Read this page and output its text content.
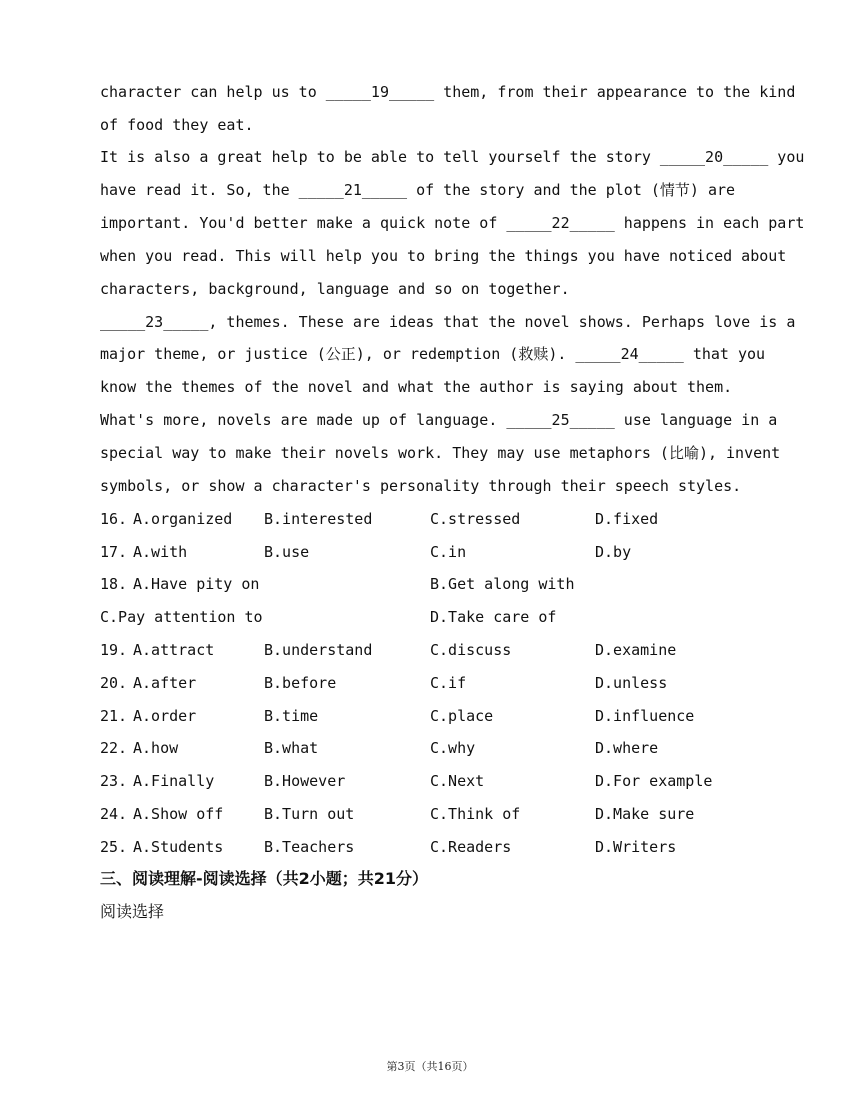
character can help us to _____19_____ them, from their appearance to the kind
of food they eat.
It is also a great help to be able to tell yourself the story _____20_____ you
have read it. So, the _____21_____ of the story and the plot (情节) are
important. You'd better make a quick note of _____22_____ happens in each part
when you read. This will help you to bring the things you have noticed about
characters, background, language and so on together.
_____23_____, themes. These are ideas that the novel shows. Perhaps love is a
major theme, or justice (公正), or redemption (救赎). _____24_____ that you
know the themes of the novel and what the author is saying about them.
What's more, novels are made up of language. _____25_____ use language in a
special way to make their novels work. They may use metaphors (比喻), invent
symbols, or show a character's personality through their speech styles.
16. A.organized B.interested	C.stressed	D.fixed
17. A.with	B.use	C.in	D.by
18. A.Have pity on	B.Get along with
C.Pay attention to	D.Take care of
19. A.attract	B.understand	C.discuss	D.examine
20. A.after	B.before	C.if	D.unless
21. A.order	B.time	C.place	D.influence
22. A.how	B.what	C.why	D.where
23. A.Finally	B.However	C.Next	D.For example
24. A.Show off	B.Turn out	C.Think of	D.Make sure
25. A.Students	B.Teachers	C.Readers	D.Writers
三、阅读理解-阅读选择（共2小题；共21分）
阅读选择
第3页（共16页）
